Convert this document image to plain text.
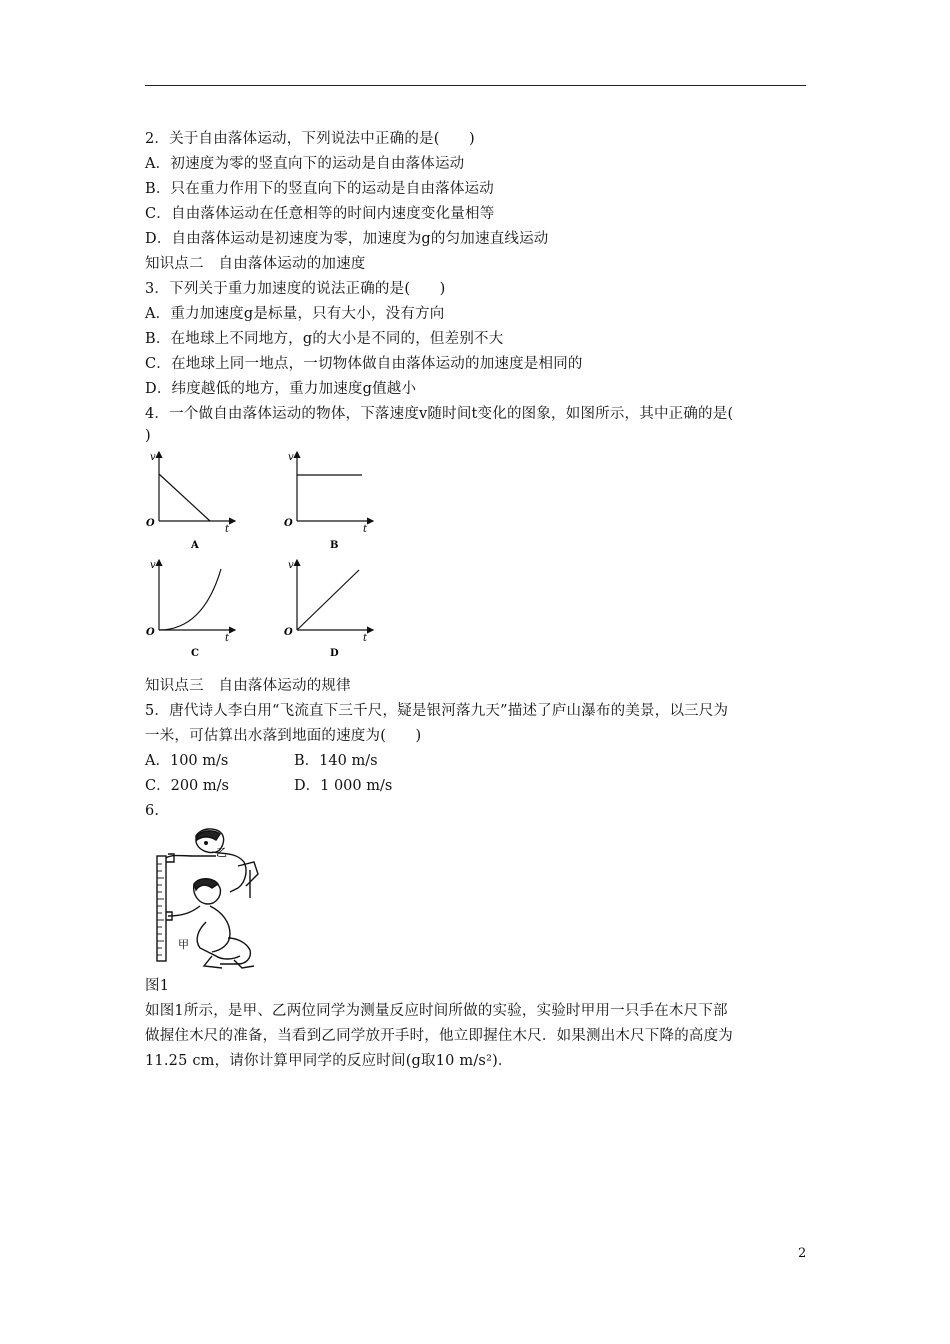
2．关于自由落体运动，下列说法中正确的是(　　)
A．初速度为零的竖直向下的运动是自由落体运动
B．只在重力作用下的竖直向下的运动是自由落体运动
C．自由落体运动在任意相等的时间内速度变化量相等
D．自由落体运动是初速度为零，加速度为g的匀加速直线运动
知识点二　自由落体运动的加速度
3．下列关于重力加速度的说法正确的是(　　)
A．重力加速度g是标量，只有大小，没有方向
B．在地球上不同地方，g的大小是不同的，但差别不大
C．在地球上同一地点，一切物体做自由落体运动的加速度是相同的
D．纬度越低的地方，重力加速度g值越小
4．一个做自由落体运动的物体，下落速度v随时间t变化的图象，如图所示，其中正确的是(
)
v
t
O
A
v
t
O
B
v
t
O
C
v
t
O
D
知识点三　自由落体运动的规律
5．唐代诗人李白用“飞流直下三千尺，疑是银河落九天”描述了庐山瀑布的美景，以三尺为
一米，可估算出水落到地面的速度为(　　)
A．100 m/s	B．140 m/s
C．200 m/s	D．1 000 m/s
6.
乙
甲
图1
如图1所示，是甲、乙两位同学为测量反应时间所做的实验，实验时甲用一只手在木尺下部
做握住木尺的准备，当看到乙同学放开手时，他立即握住木尺．如果测出木尺下降的高度为
11.25 cm，请你计算甲同学的反应时间(g取10 m/s²)．
2
